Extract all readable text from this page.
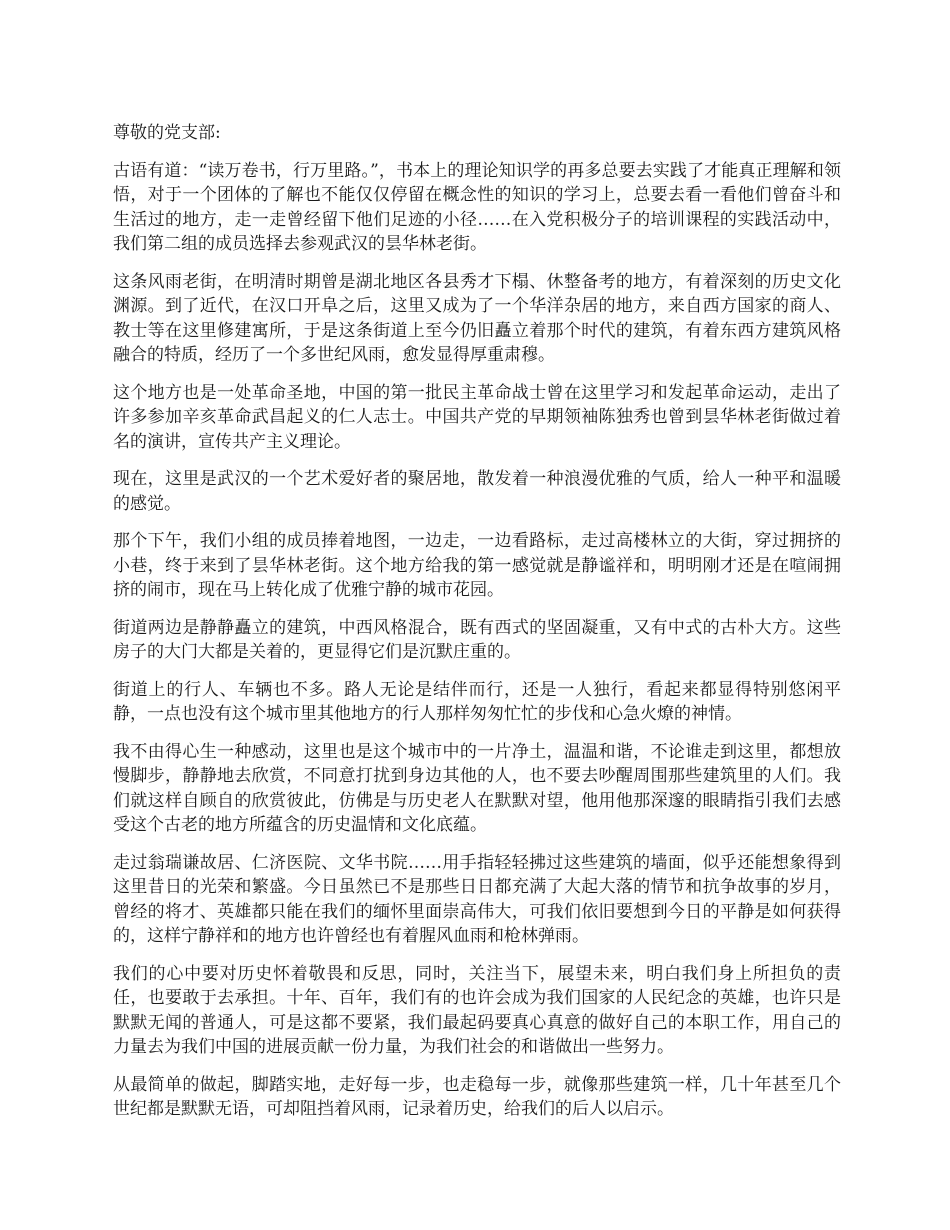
尊敬的党支部:

古语有道：“读万卷书，行万里路。”，书本上的理论知识学的再多总要去实践了才能真正理解和领悟，对于一个团体的了解也不能仅仅停留在概念性的知识的学习上，总要去看一看他们曾奋斗和生活过的地方，走一走曾经留下他们足迹的小径……在入党积极分子的培训课程的实践活动中，我们第二组的成员选择去参观武汉的昙华林老街。

这条风雨老街，在明清时期曾是湖北地区各县秀才下榻、休整备考的地方，有着深刻的历史文化渊源。到了近代，在汉口开阜之后，这里又成为了一个华洋杂居的地方，来自西方国家的商人、教士等在这里修建寓所，于是这条街道上至今仍旧矗立着那个时代的建筑，有着东西方建筑风格融合的特质，经历了一个多世纪风雨，愈发显得厚重肃穆。

这个地方也是一处革命圣地，中国的第一批民主革命战士曾在这里学习和发起革命运动，走出了许多参加辛亥革命武昌起义的仁人志士。中国共产党的早期领袖陈独秀也曾到昙华林老街做过着名的演讲，宣传共产主义理论。

现在，这里是武汉的一个艺术爱好者的聚居地，散发着一种浪漫优雅的气质，给人一种平和温暖的感觉。

那个下午，我们小组的成员捧着地图，一边走，一边看路标，走过高楼林立的大街，穿过拥挤的小巷，终于来到了昙华林老街。这个地方给我的第一感觉就是静谧祥和，明明刚才还是在喧闹拥挤的闹市，现在马上转化成了优雅宁静的城市花园。

街道两边是静静矗立的建筑，中西风格混合，既有西式的坚固凝重，又有中式的古朴大方。这些房子的大门大都是关着的，更显得它们是沉默庄重的。

街道上的行人、车辆也不多。路人无论是结伴而行，还是一人独行，看起来都显得特别悠闲平静，一点也没有这个城市里其他地方的行人那样匆匆忙忙的步伐和心急火燎的神情。

我不由得心生一种感动，这里也是这个城市中的一片净土，温温和谐，不论谁走到这里，都想放慢脚步，静静地去欣赏，不同意打扰到身边其他的人，也不要去吵醒周围那些建筑里的人们。我们就这样自顾自的欣赏彼此，仿佛是与历史老人在默默对望，他用他那深邃的眼睛指引我们去感受这个古老的地方所蕴含的历史温情和文化底蕴。

走过翁瑞谦故居、仁济医院、文华书院……用手指轻轻拂过这些建筑的墙面，似乎还能想象得到这里昔日的光荣和繁盛。今日虽然已不是那些日日都充满了大起大落的情节和抗争故事的岁月，曾经的将才、英雄都只能在我们的缅怀里面崇高伟大，可我们依旧要想到今日的平静是如何获得的，这样宁静祥和的地方也许曾经也有着腥风血雨和枪林弹雨。

我们的心中要对历史怀着敬畏和反思，同时，关注当下，展望未来，明白我们身上所担负的责任，也要敢于去承担。十年、百年，我们有的也许会成为我们国家的人民纪念的英雄，也许只是默默无闻的普通人，可是这都不要紧，我们最起码要真心真意的做好自己的本职工作，用自己的力量去为我们中国的进展贡献一份力量，为我们社会的和谐做出一些努力。

从最简单的做起，脚踏实地，走好每一步，也走稳每一步，就像那些建筑一样，几十年甚至几个世纪都是默默无语，可却阻挡着风雨，记录着历史，给我们的后人以启示。
